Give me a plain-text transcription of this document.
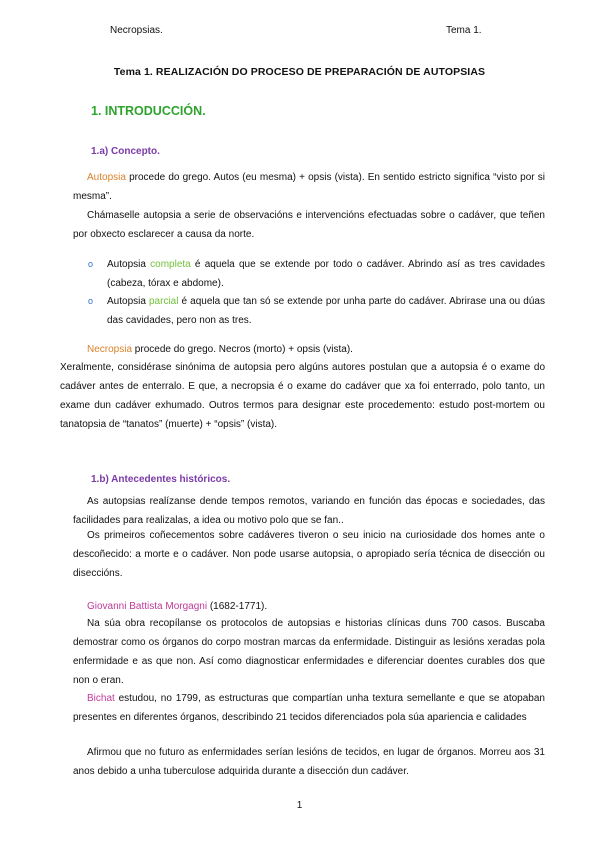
Necropsias.	Tema 1.
Tema 1. REALIZACIÓN DO PROCESO DE PREPARACIÓN DE AUTOPSIAS
1. INTRODUCCIÓN.
1.a) Concepto.
Autopsia procede do grego. Autos (eu mesma) + opsis (vista). En sentido estricto significa “visto por si mesma”.
Chámaselle autopsia a serie de observacións e intervencións efectuadas sobre o cadáver, que teñen por obxecto esclarecer a causa da norte.
o Autopsia completa é aquela que se extende por todo o cadáver. Abrindo así as tres cavidades (cabeza, tórax e abdome).
o Autopsia parcial é aquela que tan só se extende por unha parte do cadáver. Abrirase una ou dúas das cavidades, pero non as tres.
Necropsia procede do grego. Necros (morto) + opsis (vista).
Xeralmente, considérase sinónima de autopsia pero algúns autores postulan que a autopsia é o exame do cadáver antes de enterralo. E que, a necropsia é o exame do cadáver que xa foi enterrado, polo tanto, un exame dun cadáver exhumado. Outros termos para designar este procedemento: estudo post-mortem ou tanatopsia de “tanatos” (muerte) + “opsis” (vista).
1.b) Antecedentes históricos.
As autopsias realízanse dende tempos remotos, variando en función das épocas e sociedades, das facilidades para realizalas, a idea ou motivo polo que se fan..
Os primeiros coñecementos sobre cadáveres tiveron o seu inicio na curiosidade dos homes ante o descoñecido: a morte e o cadáver. Non pode usarse autopsia, o apropiado sería técnica de disección ou diseccións.
Giovanni Battista Morgagni (1682-1771).
Na súa obra recopílanse os protocolos de autopsias e historias clínicas duns 700 casos. Buscaba demostrar como os órganos do corpo mostran marcas da enfermidade. Distinguir as lesións xeradas pola enfermidade e as que non. Así como diagnosticar enfermidades e diferenciar doentes curables dos que non o eran.
Bichat estudou, no 1799, as estructuras que compartían unha textura semellante e que se atopaban presentes en diferentes órganos, describindo 21 tecidos diferenciados pola súa apariencia e calidades
Afirmou que no futuro as enfermidades serían lesións de tecidos, en lugar de órganos. Morreu aos 31 anos debido a unha tuberculose adquirida durante a disección dun cadáver.
1
